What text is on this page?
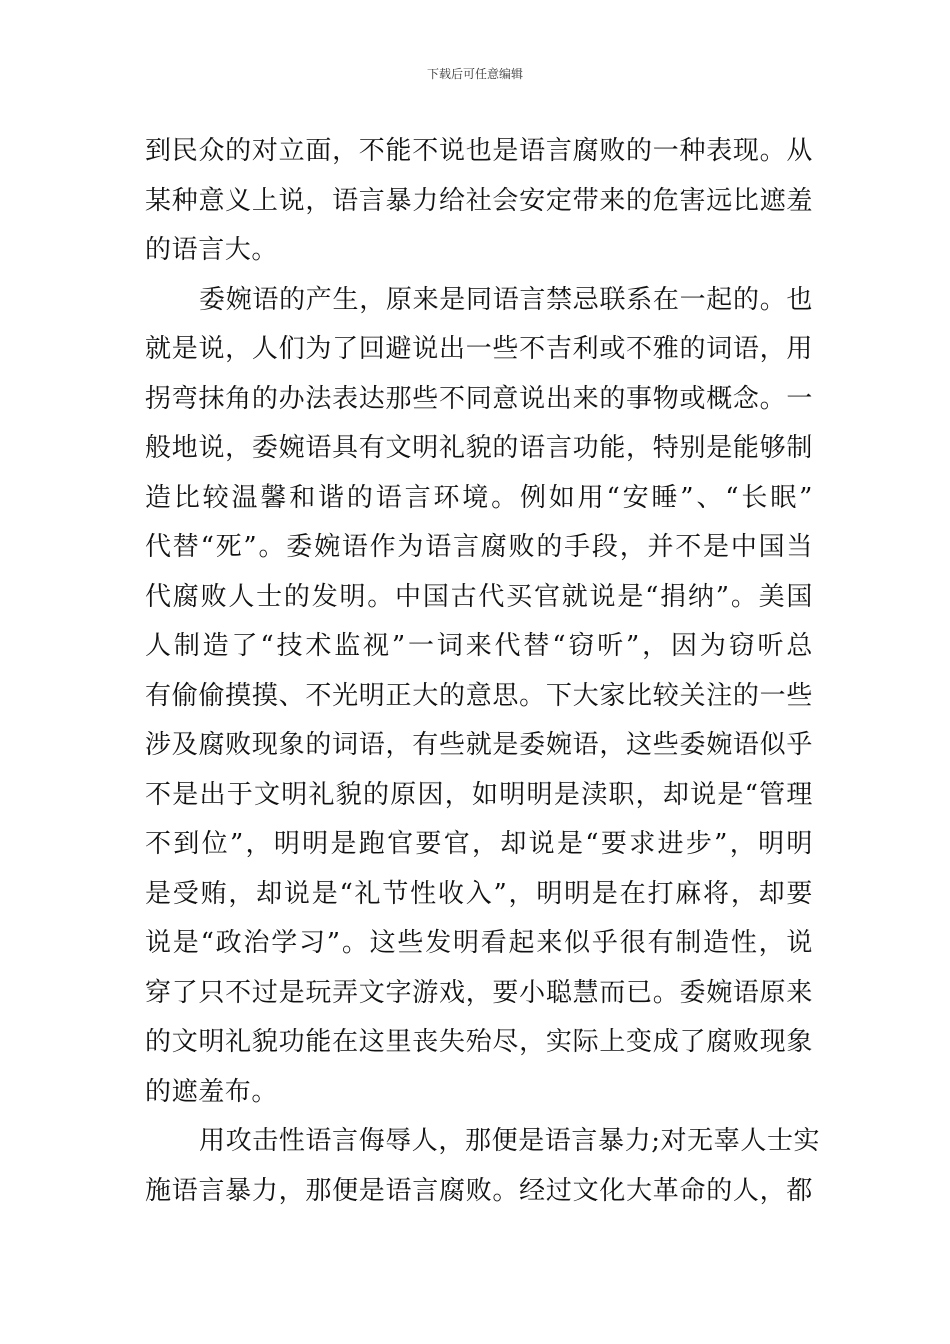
下载后可任意编辑
到民众的对立面，不能不说也是语言腐败的一种表现。从
某种意义上说，语言暴力给社会安定带来的危害远比遮羞
的语言大。
委婉语的产生，原来是同语言禁忌联系在一起的。也
就是说，人们为了回避说出一些不吉利或不雅的词语，用
拐弯抹角的办法表达那些不同意说出来的事物或概念。一
般地说，委婉语具有文明礼貌的语言功能，特别是能够制
造比较温馨和谐的语言环境。例如用“安睡”、“长眠”
代替“死”。委婉语作为语言腐败的手段，并不是中国当
代腐败人士的发明。中国古代买官就说是“捐纳”。美国
人制造了“技术监视”一词来代替“窃听”，因为窃听总
有偷偷摸摸、不光明正大的意思。下大家比较关注的一些
涉及腐败现象的词语，有些就是委婉语，这些委婉语似乎
不是出于文明礼貌的原因，如明明是渎职，却说是“管理
不到位”，明明是跑官要官，却说是“要求进步”，明明
是受贿，却说是“礼节性收入”，明明是在打麻将，却要
说是“政治学习”。这些发明看起来似乎很有制造性，说
穿了只不过是玩弄文字游戏，要小聪慧而已。委婉语原来
的文明礼貌功能在这里丧失殆尽，实际上变成了腐败现象
的遮羞布。
用攻击性语言侮辱人，那便是语言暴力;对无辜人士实
施语言暴力，那便是语言腐败。经过文化大革命的人，都
